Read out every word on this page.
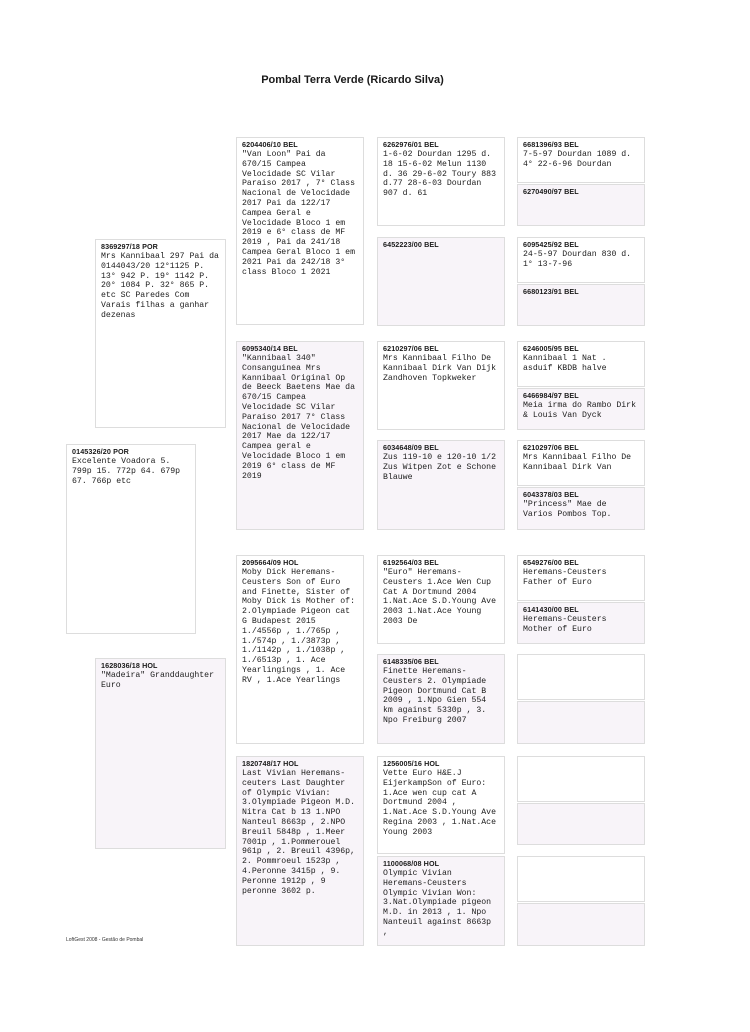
Pombal Terra Verde (Ricardo Silva)
8369297/18 POR
Mrs Kannibaal 297 Pai da 0144043/20 12°1125 P. 13° 942 P. 19° 1142 P. 20° 1084 P. 32° 865 P. etc SC Paredes Com Varais filhas a ganhar dezenas
0145326/20 POR
Excelente Voadora 5. 799p 15. 772p 64. 679p 67. 766p etc
1628036/18 HOL
"Madeira" Granddaughter Euro
6204406/10 BEL
"Van Loon" Pai da 670/15 Campea Velocidade SC Vilar Paraiso 2017 , 7° Class Nacional de Velocidade 2017 Pai da 122/17 Campea Geral e Velocidade Bloco 1 em 2019 e 6° class de MF 2019 , Pai da 241/18 Campea Geral Bloco 1 em 2021 Pai da 242/18 3° class Bloco 1 2021
6095340/14 BEL
"Kannibaal 340" Consanguinea Mrs Kannibaal Original Op de Beeck Baetens Mae da 670/15 Campea Velocidade SC Vilar Paraiso 2017 7° Class Nacional de Velocidade 2017 Mae da 122/17 Campea geral e Velocidade Bloco 1 em 2019 6° class de MF 2019
2095664/09 HOL
Moby Dick Heremans-Ceusters Son of Euro and Finette, Sister of Moby Dick is Mother of: 2.Olympiade Pigeon cat G Budapest 2015 1./4556p , 1./765p , 1./574p , 1./3873p , 1./1142p , 1./1038p , 1./6513p , 1. Ace Yearlingings , 1. Ace RV , 1.Ace Yearlings
1820748/17 HOL
Last Vivian Heremans-ceuters Last Daughter of Olympic Vivian: 3.Olympiade Pigeon M.D. Nitra Cat b 13 1.NPO Nanteul 8663p , 2.NPO Breuil 5848p , 1.Meer 7001p , 1.Pommerouel 961p , 2. Breuil 4396p, 2. Pommroeul 1523p , 4.Peronne 3415p , 9. Peronne 1912p , 9 peronne 3602 p.
6262976/01 BEL
1-6-02 Dourdan 1295 d. 18 15-6-02 Melun 1130 d. 36 29-6-02 Toury 883 d.77 28-6-03 Dourdan 907 d. 61
6452223/00 BEL
6210297/06 BEL
Mrs Kannibaal Filho De Kannibaal Dirk Van Dijk Zandhoven Topkweker
6034648/09 BEL
Zus 119-10 e 120-10 1/2 Zus Witpen Zot e Schone Blauwe
6192564/03 BEL
"Euro" Heremans-Ceusters 1.Ace Wen Cup Cat A Dortmund 2004 1.Nat.Ace S.D.Young Ave 2003 1.Nat.Ace Young 2003 De
6148335/06 BEL
Finette Heremans-Ceusters 2. Olympiade Pigeon Dortmund Cat B 2009 , 1.Npo Gien 554 km against 5330p , 3. Npo Freiburg 2007
1256005/16 HOL
Vette Euro H&E.J EijerkampSon of Euro: 1.Ace wen cup cat A Dortmund 2004 , 1.Nat.Ace S.D.Young Ave Regina 2003 , 1.Nat.Ace Young 2003
1100068/08 HOL
Olympic Vivian Heremans-Ceusters Olympic Vivian Won: 3.Nat.Olympiade pigeon M.D. in 2013 , 1. Npo Nanteuil against 8663p ,
6681396/93 BEL
7-5-97 Dourdan 1089 d. 4° 22-6-96 Dourdan
6270490/97 BEL
6095425/92 BEL
24-5-97 Dourdan 830 d. 1° 13-7-96
6680123/91 BEL
6246005/95 BEL
Kannibaal 1 Nat . asduif KBDB halve
6466984/97 BEL
Meia irma do Rambo Dirk & Louis Van Dyck
6210297/06 BEL
Mrs Kannibaal Filho De Kannibaal Dirk Van
6043378/03 BEL
"Princess" Mae de Varios Pombos Top.
6549276/00 BEL
Heremans-Ceusters Father of Euro
6141430/00 BEL
Heremans-Ceusters Mother of Euro
LoftGest 2008 - Gestão de Pombal
